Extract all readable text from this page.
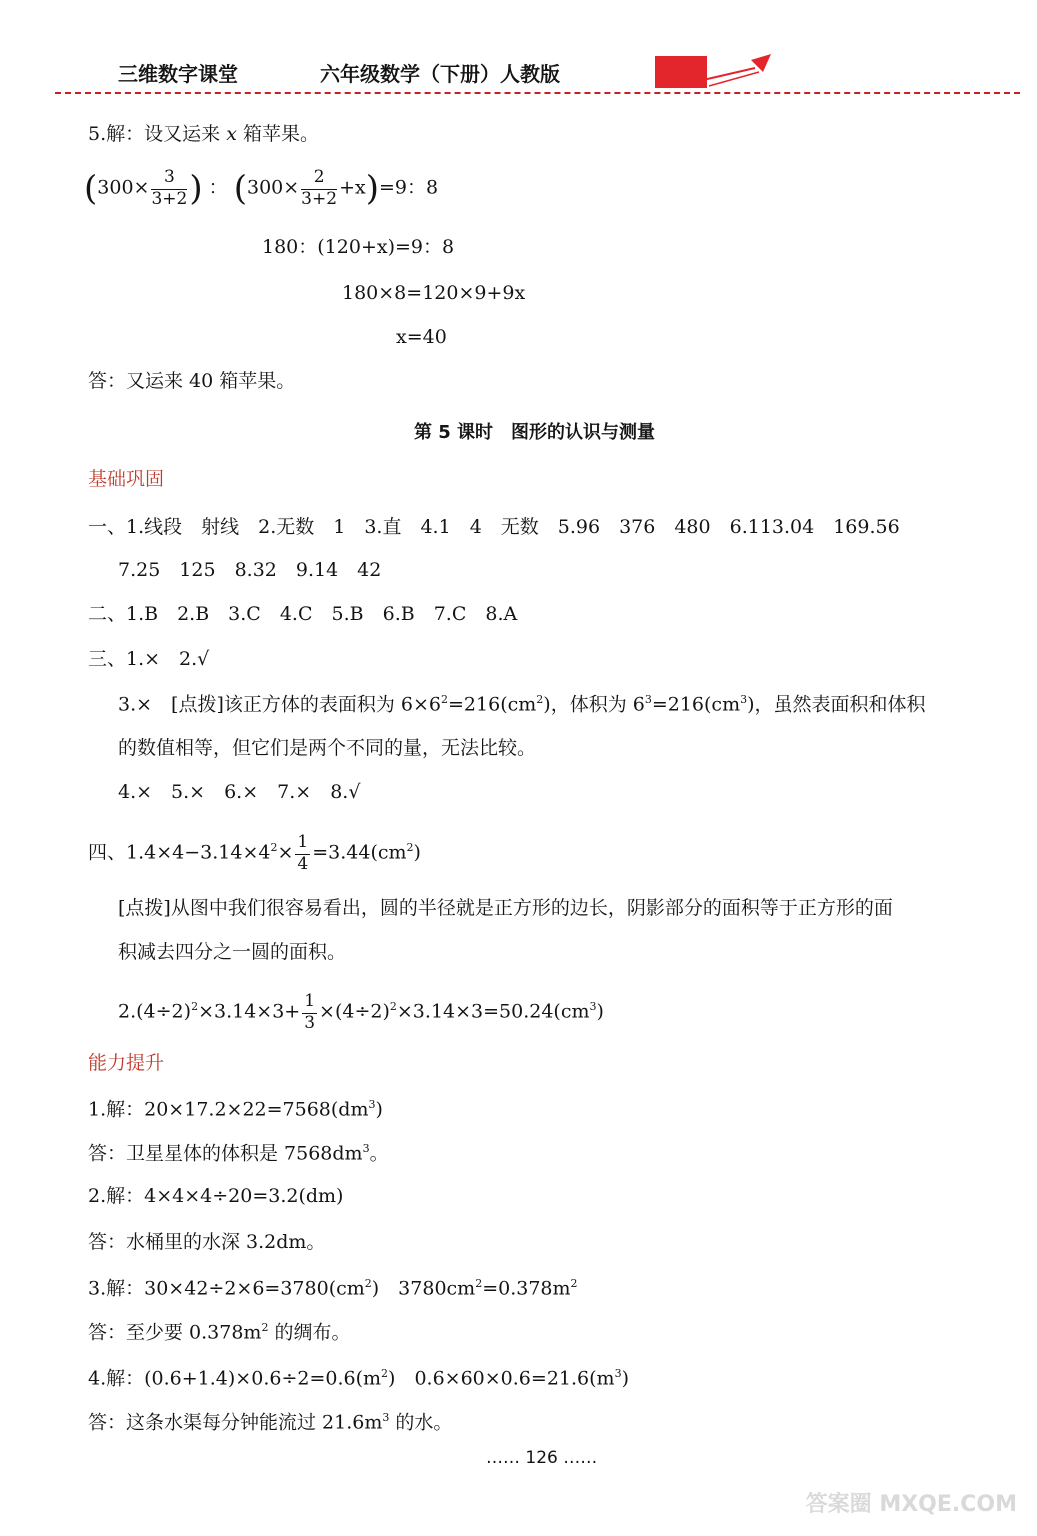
三维数字课堂	六年级数学（下册）人教版
5.解：设又运来 x 箱苹果。
($300\times \frac{3}{3+2}$ ) ： $(300\times \frac{2}{3+2} +x)=9$：8
180：(120+x)=9：8
180×8=120×9+9x
x=40
答：又运来 40 箱苹果。
第 5 课时　图形的认识与测量
基础巩固
一、1.线段　射线　2.无数　1　3.直　4.1　4　无数　5.96　376　480　6.113.04　169.56
7.25　125　8.32　9.14　42
二、1.B　2.B　3.C　4.C　5.B　6.B　7.C　8.A
三、1.×　2.√
3.×　[点拨]该正方体的表面积为 $6\times 6^2=216(cm^2)$，体积为 $6^3=216(cm^3)$，虽然表面积和体积
的数值相等，但它们是两个不同的量，无法比较。
4.×　5.×　6.×　7.×　8.√
四、$1.4\times 4-3.14\times 4^2\times \frac{1}{4} =3.44(cm^2)$
[点拨]从图中我们很容易看出，圆的半径就是正方形的边长，阴影部分的面积等于正方形的面
积减去四分之一圆的面积。
$2.(4\div 2)^2\times 3.14\times 3+ \frac{1}{3} \times(4\div 2)^2\times 3.14\times 3=50.24(cm^3)$
能力提升
1.解：$20\times 17.2\times 22=7568(dm^3)$
答：卫星星体的体积是 $7568dm^3$。
2.解：4×4×4÷20=3.2(dm)
答：水桶里的水深 3.2dm。
3.解：$30\times 42\div 2\times 6=3780(cm^2)$　$3780cm^2=0.378m^2$
答：至少要 $0.378m^2$ 的绸布。
4.解：$(0.6+1.4)\times 0.6\div 2=0.6(m^2)$　$0.6\times 60\times 0.6=21.6(m^3)$
答：这条水渠每分钟能流过 $21.6m^3$ 的水。
…… 126 ……
答案圈 MXQE.COM
